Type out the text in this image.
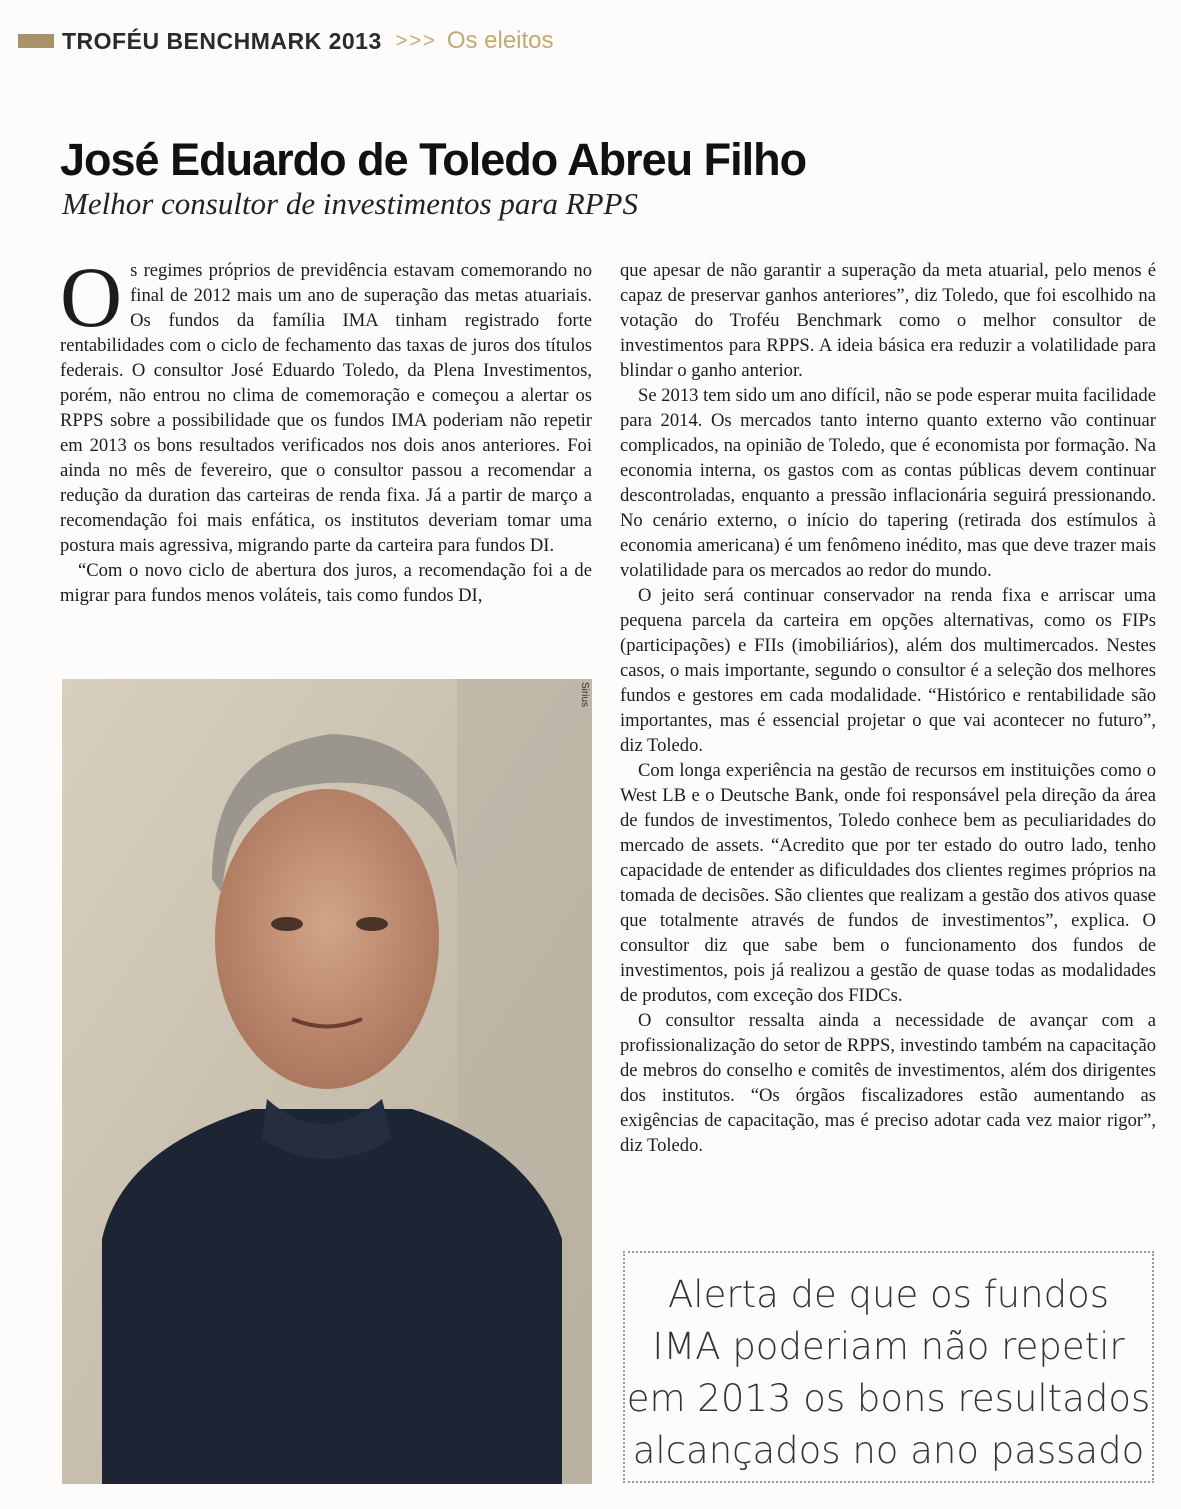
TROFÉU BENCHMARK 2013 >>> Os eleitos
José Eduardo de Toledo Abreu Filho
Melhor consultor de investimentos para RPPS

Os regimes próprios de previdência estavam comemorando no final de 2012 mais um ano de superação das metas atuariais. Os fundos da família IMA tinham registrado forte rentabilidades com o ciclo de fechamento das taxas de juros dos títulos federais. O consultor José Eduardo Toledo, da Plena Investimentos, porém, não entrou no clima de comemoração e começou a alertar os RPPS sobre a possibilidade que os fundos IMA poderiam não repetir em 2013 os bons resultados verificados nos dois anos anteriores. Foi ainda no mês de fevereiro, que o consultor passou a recomendar a redução da duration das carteiras de renda fixa. Já a partir de março a recomendação foi mais enfática, os institutos deveriam tomar uma postura mais agressiva, migrando parte da carteira para fundos DI.

“Com o novo ciclo de abertura dos juros, a recomendação foi a de migrar para fundos menos voláteis, tais como fundos DI,

Sirius

que apesar de não garantir a superação da meta atuarial, pelo menos é capaz de preservar ganhos anteriores”, diz Toledo, que foi escolhido na votação do Troféu Benchmark como o melhor consultor de investimentos para RPPS. A ideia básica era reduzir a volatilidade para blindar o ganho anterior.

Se 2013 tem sido um ano difícil, não se pode esperar muita facilidade para 2014. Os mercados tanto interno quanto externo vão continuar complicados, na opinião de Toledo, que é economista por formação. Na economia interna, os gastos com as contas públicas devem continuar descontroladas, enquanto a pressão inflacionária seguirá pressionando. No cenário externo, o início do tapering (retirada dos estímulos à economia americana) é um fenômeno inédito, mas que deve trazer mais volatilidade para os mercados ao redor do mundo.

O jeito será continuar conservador na renda fixa e arriscar uma pequena parcela da carteira em opções alternativas, como os FIPs (participações) e FIIs (imobiliários), além dos multimercados. Nestes casos, o mais importante, segundo o consultor é a seleção dos melhores fundos e gestores em cada modalidade. “Histórico e rentabilidade são importantes, mas é essencial projetar o que vai acontecer no futuro”, diz Toledo.

Com longa experiência na gestão de recursos em instituições como o West LB e o Deutsche Bank, onde foi responsável pela direção da área de fundos de investimentos, Toledo conhece bem as peculiaridades do mercado de assets. “Acredito que por ter estado do outro lado, tenho capacidade de entender as dificuldades dos clientes regimes próprios na tomada de decisões. São clientes que realizam a gestão dos ativos quase que totalmente através de fundos de investimentos”, explica. O consultor diz que sabe bem o funcionamento dos fundos de investimentos, pois já realizou a gestão de quase todas as modalidades de produtos, com exceção dos FIDCs.

O consultor ressalta ainda a necessidade de avançar com a profissionalização do setor de RPPS, investindo também na capacitação de mebros do conselho e comitês de investimentos, além dos dirigentes dos institutos. “Os órgãos fiscalizadores estão aumentando as exigências de capacitação, mas é preciso adotar cada vez maior rigor”, diz Toledo.

Alerta de que os fundos
IMA poderiam não repetir
em 2013 os bons resultados
alcançados no ano passado
